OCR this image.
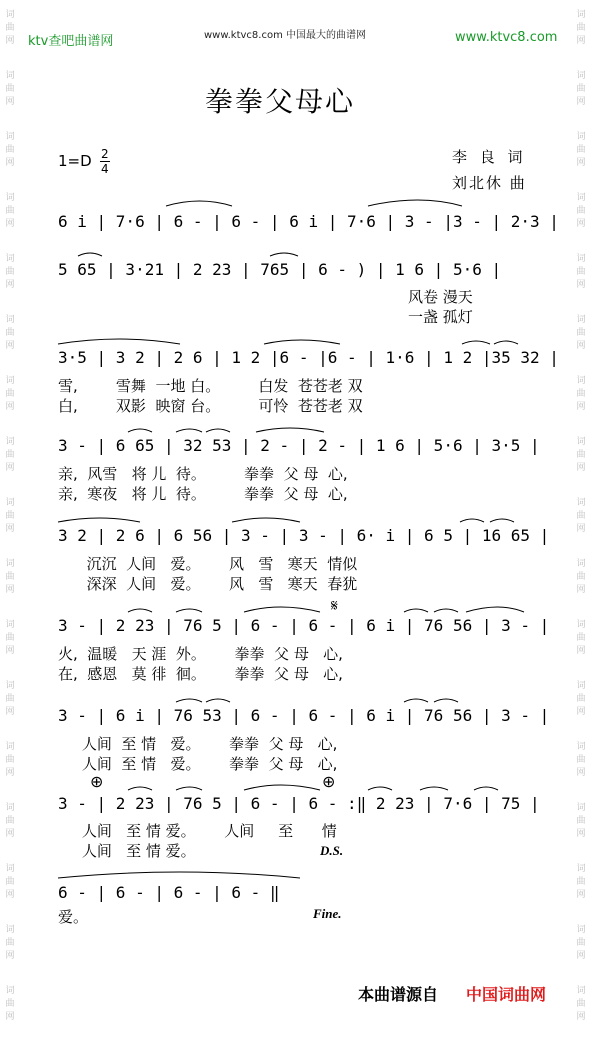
词
曲
网
词
曲
网
词
曲
网
词
曲
网
词
曲
网
词
曲
网
词
曲
网
词
曲
网
词
曲
网
词
曲
网
词
曲
网
词
曲
网
词
曲
网
词
曲
网
词
曲
网
词
曲
网
词
曲
网
词
曲
网
词
曲
网
词
曲
网
词
曲
网
词
曲
网
词
曲
网
词
曲
网
词
曲
网
词
曲
网
词
曲
网
词
曲
网
词
曲
网
词
曲
网
词
曲
网
词
曲
网
词
曲
网
词
曲
网
ktv查吧曲谱网	www.ktvc8.com 中国最大的曲谱网	www.ktvc8.com
拳拳父母心
1=D 2
4
李 良 词
刘北休 曲
6 i | 7·6 | 6 - | 6 - | 6 i | 7·6 | 3 - |3 - | 2·3 |
5 65 | 3·21 | 2 23 | 765 | 6 - ) | 1 6 | 5·6 |
风卷 漫天
一盏 孤灯
3·5 | 3 2 | 2 6 | 1 2 |6 - |6 - | 1·6 | 1 2 |35 32 |
雪,        雪舞  一地 白。        白发  苍苍老 双
白,        双影  映窗 台。        可怜  苍苍老 双
3 - | 6 65 | 32 53 | 2 - | 2 - | 1 6 | 5·6 | 3·5 |
亲,  风雪   将 儿  待。        拳拳  父 母  心,
亲,  寒夜   将 儿  待。        拳拳  父 母  心,
3 2 | 2 6 | 6 56 | 3 - | 3 - | 6· i | 6 5 | 16 65 |
沉沉  人间   爱。      风   雪   寒天  情似
深深  人间   爱。      风   雪   寒天  春犹
𝄋
3 - | 2 23 | 76 5 | 6 - | 6 - | 6 i | 76 56 | 3 - |
火,  温暖   天 涯  外。      拳拳  父 母   心,
在,  感恩   莫 徘  徊。      拳拳  父 母   心,
3 - | 6 i | 76 53 | 6 - | 6 - | 6 i | 76 56 | 3 - |
人间  至 情   爱。      拳拳  父 母   心,
人间  至 情   爱。      拳拳  父 母   心,
⊕	⊕
3 - | 2 23 | 76 5 | 6 - | 6 - :‖ 2 23 | 7·6 | 75 |
人间   至 情 爱。      人间     至      情
人间   至 情 爱。	D.S.
6 - | 6 - | 6 - | 6 - ‖
爱。	Fine.
本曲谱源自 中国词曲网
